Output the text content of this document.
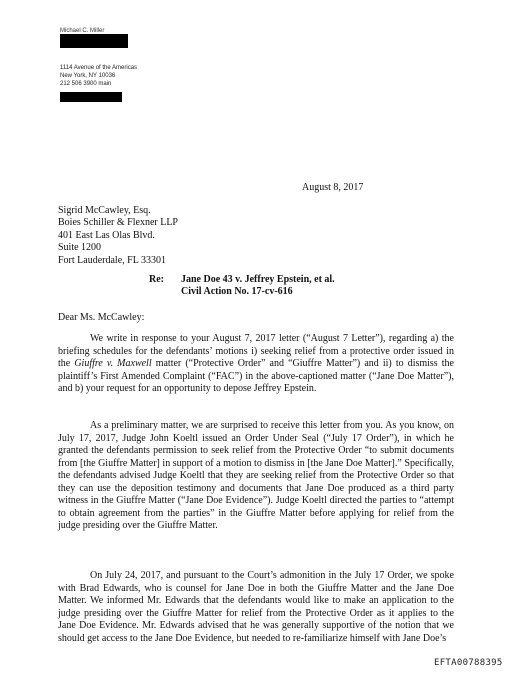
Michael C. Miller
1114 Avenue of the Americas
New York, NY 10036
212 506 3900 main
August 8, 2017
Sigrid McCawley, Esq.
Boies Schiller & Flexner LLP
401 East Las Olas Blvd.
Suite 1200
Fort Lauderdale, FL 33301
Re: Jane Doe 43 v. Jeffrey Epstein, et al.
Civil Action No. 17-cv-616
Dear Ms. McCawley:
We write in response to your August 7, 2017 letter (“August 7 Letter”), regarding a) the briefing schedules for the defendants’ motions i) seeking relief from a protective order issued in the Giuffre v. Maxwell matter (“Protective Order” and “Giuffre Matter”) and ii) to dismiss the plaintiff’s First Amended Complaint (“FAC”) in the above-captioned matter (“Jane Doe Matter”), and b) your request for an opportunity to depose Jeffrey Epstein.
As a preliminary matter, we are surprised to receive this letter from you. As you know, on July 17, 2017, Judge John Koeltl issued an Order Under Seal (“July 17 Order”), in which he granted the defendants permission to seek relief from the Protective Order “to submit documents from [the Giuffre Matter] in support of a motion to dismiss in [the Jane Doe Matter].” Specifically, the defendants advised Judge Koeltl that they are seeking relief from the Protective Order so that they can use the deposition testimony and documents that Jane Doe produced as a third party witness in the Giuffre Matter (“Jane Doe Evidence”). Judge Koeltl directed the parties to “attempt to obtain agreement from the parties” in the Giuffre Matter before applying for relief from the judge presiding over the Giuffre Matter.
On July 24, 2017, and pursuant to the Court’s admonition in the July 17 Order, we spoke with Brad Edwards, who is counsel for Jane Doe in both the Giuffre Matter and the Jane Doe Matter. We informed Mr. Edwards that the defendants would like to make an application to the judge presiding over the Giuffre Matter for relief from the Protective Order as it applies to the Jane Doe Evidence. Mr. Edwards advised that he was generally supportive of the notion that we should get access to the Jane Doe Evidence, but needed to re-familiarize himself with Jane Doe’s
EFTA00788395
